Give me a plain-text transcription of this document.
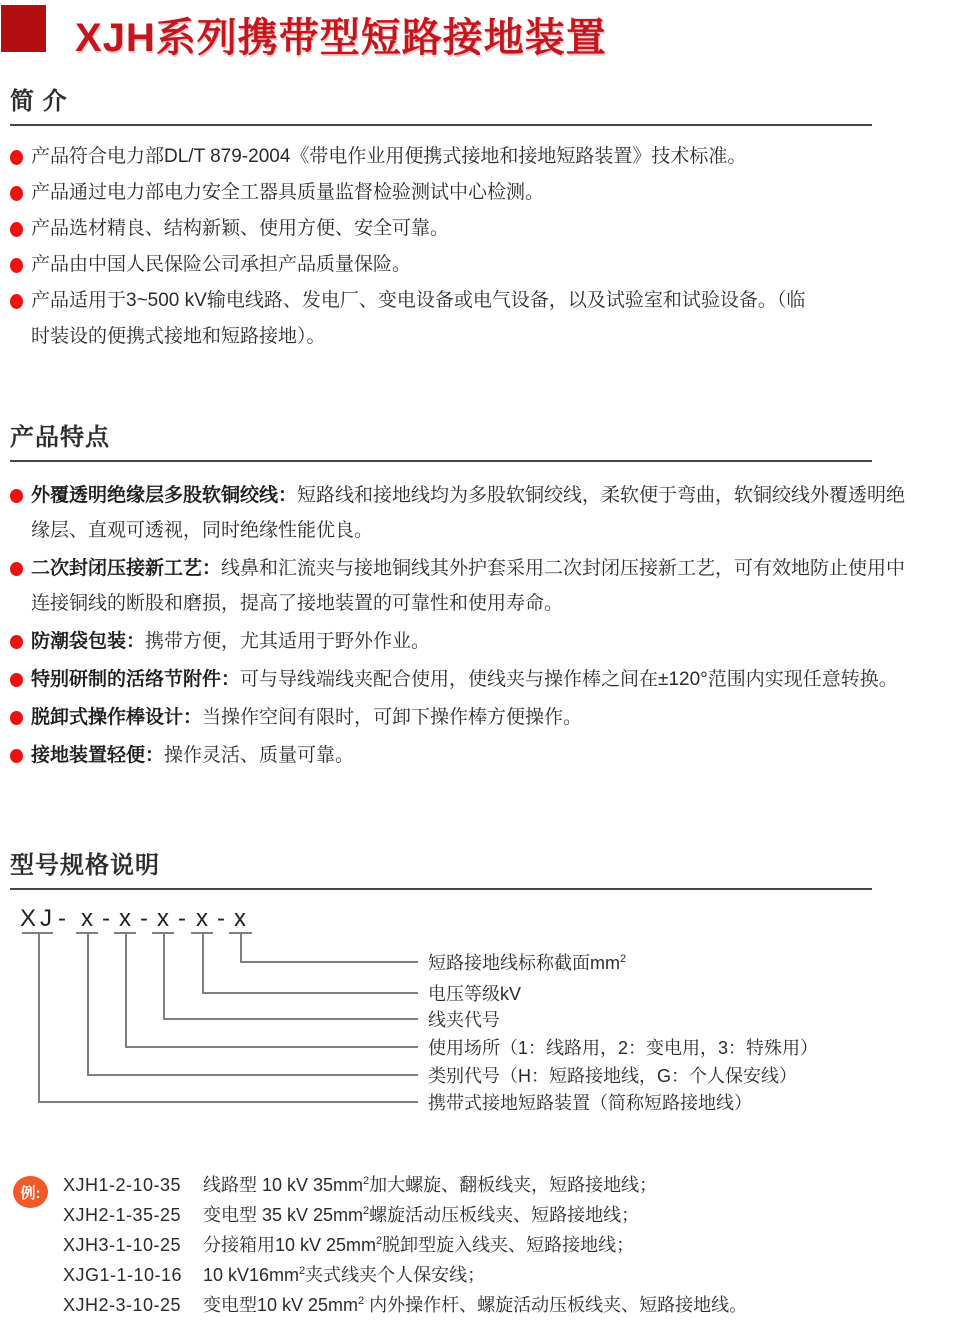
XJH系列携带型短路接地装置
简 介
产品符合电力部DL/T 879-2004《带电作业用便携式接地和接地短路装置》技术标准。
产品通过电力部电力安全工器具质量监督检验测试中心检测。
产品选材精良、结构新颖、使用方便、安全可靠。
产品由中国人民保险公司承担产品质量保险。
产品适用于3~500 kV输电线路、发电厂、变电设备或电气设备，以及试验室和试验设备。（临时装设的便携式接地和短路接地）。
产品特点
外覆透明绝缘层多股软铜绞线：短路线和接地线均为多股软铜绞线，柔软便于弯曲，软铜绞线外覆透明绝缘层、直观可透视，同时绝缘性能优良。
二次封闭压接新工艺：线鼻和汇流夹与接地铜线其外护套采用二次封闭压接新工艺，可有效地防止使用中连接铜线的断股和磨损，提高了接地装置的可靠性和使用寿命。
防潮袋包装：携带方便，尤其适用于野外作业。
特别研制的活络节附件：可与导线端线夹配合使用，使线夹与操作棒之间在±120°范围内实现任意转换。
脱卸式操作棒设计：当操作空间有限时，可卸下操作棒方便操作。
接地装置轻便：操作灵活、质量可靠。
型号规格说明
XJ - x - x - x - x - x
短路接地线标称截面$mm^2$
电压等级kV
线夹代号
使用场所（1：线路用，2：变电用，3：特殊用）
类别代号（H：短路接地线，G：个人保安线）
携带式接地短路装置（简称短路接地线）
例:	XJH1-2-10-35	线路型 10 kV $35mm^2$加大螺旋、翻板线夹，短路接地线；
XJH2-1-35-25	变电型 35 kV $25mm^2$螺旋活动压板线夹、短路接地线；
XJH3-1-10-25	分接箱用10 kV $25mm^2$脱卸型旋入线夹、短路接地线；
XJG1-1-10-16	10 $kV16mm^2$夹式线夹个人保安线；
XJH2-3-10-25	变电型10 kV $25mm^2$ 内外操作杆、螺旋活动压板线夹、短路接地线。
